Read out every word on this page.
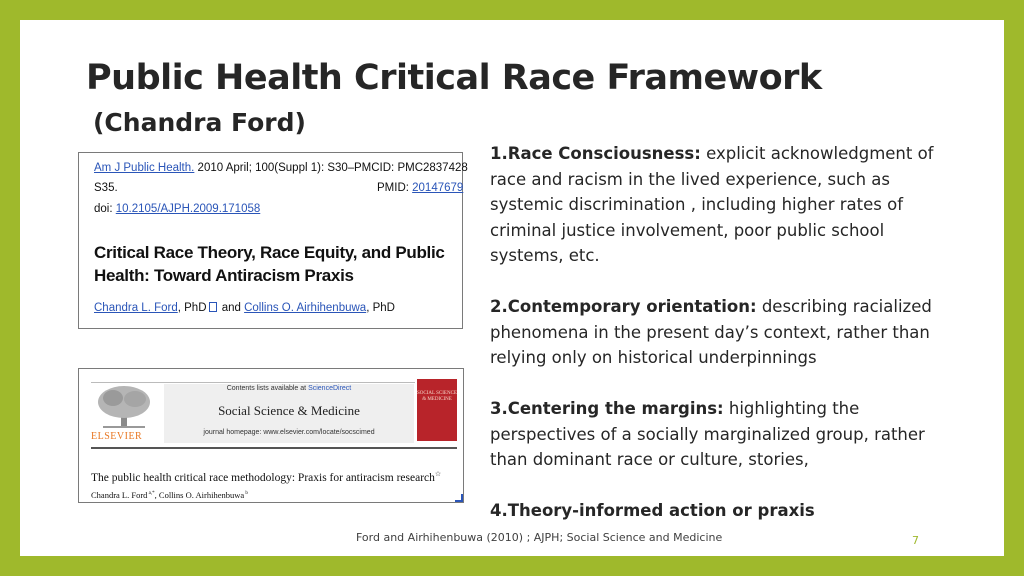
Public Health Critical Race Framework
(Chandra Ford)
Am J Public Health. 2010 April; 100(Suppl 1): S30– PMCID: PMC2837428
S35.	PMID: 20147679
doi: 10.2105/AJPH.2009.171058
Critical Race Theory, Race Equity, and Public Health: Toward Antiracism Praxis
Chandra L. Ford, PhD and Collins O. Airhihenbuwa, PhD
ELSEVIER
Contents lists available at ScienceDirect
Social Science & Medicine
journal homepage: www.elsevier.com/locate/socscimed
SOCIAL SCIENCE & MEDICINE
The public health critical race methodology: Praxis for antiracism research☆
Chandra L. Ford $^{a,*}$, Collins O. Airhihenbuwa $^b$

1.Race Consciousness: explicit acknowledgment of race and racism in the lived experience, such as systemic discrimination , including higher rates of criminal justice involvement, poor public school systems, etc.

2.Contemporary orientation: describing racialized phenomena in the present day’s context, rather than relying only on historical underpinnings

3.Centering the margins: highlighting the perspectives of a socially marginalized group, rather than dominant race or culture, stories,

4.Theory-informed action or praxis

Ford and Airhihenbuwa (2010) ; AJPH; Social Science and Medicine	7
